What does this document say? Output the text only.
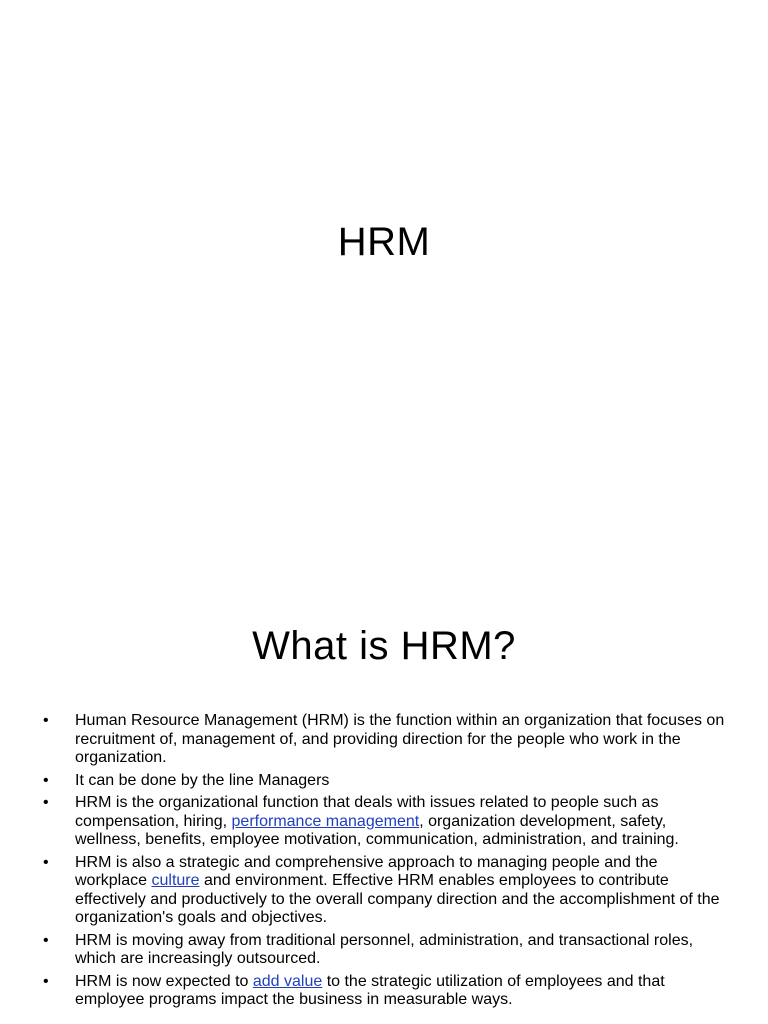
HRM
What is HRM?
•	Human Resource Management (HRM) is the function within an organization that focuses on recruitment of, management of, and providing direction for the people who work in the organization.
•	It can be done by the line Managers
•	HRM is the organizational function that deals with issues related to people such as compensation, hiring, performance management, organization development, safety, wellness, benefits, employee motivation, communication, administration, and training.
•	HRM is also a strategic and comprehensive approach to managing people and the workplace culture and environment. Effective HRM enables employees to contribute effectively and productively to the overall company direction and the accomplishment of the organization's goals and objectives.
•	HRM is moving away from traditional personnel, administration, and transactional roles, which are increasingly outsourced.
•	HRM is now expected to add value to the strategic utilization of employees and that employee programs impact the business in measurable ways.
